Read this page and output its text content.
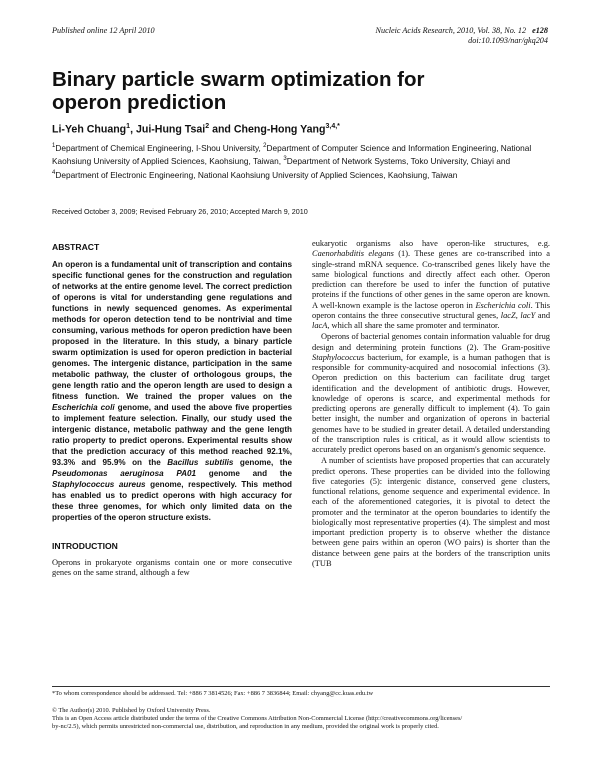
Published online 12 April 2010	Nucleic Acids Research, 2010, Vol. 38, No. 12 e128
doi:10.1093/nar/gkq204
Binary particle swarm optimization for operon prediction
Li-Yeh Chuang$^1$, Jui-Hung Tsai$^2$ and Cheng-Hong Yang$^{3,4,*}$
$^1$Department of Chemical Engineering, I-Shou University, $^2$Department of Computer Science and Information Engineering, National Kaohsiung University of Applied Sciences, Kaohsiung, Taiwan, $^3$Department of Network Systems, Toko University, Chiayi and $^4$Department of Electronic Engineering, National Kaohsiung University of Applied Sciences, Kaohsiung, Taiwan
Received October 3, 2009; Revised February 26, 2010; Accepted March 9, 2010
ABSTRACT

An operon is a fundamental unit of transcription and contains specific functional genes for the construction and regulation of networks at the entire genome level. The correct prediction of operons is vital for understanding gene regulations and functions in newly sequenced genomes. As experimental methods for operon detection tend to be nontrivial and time consuming, various methods for operon prediction have been proposed in the literature. In this study, a binary particle swarm optimization is used for operon prediction in bacterial genomes. The intergenic distance, participation in the same metabolic pathway, the cluster of orthologous groups, the gene length ratio and the operon length are used to design a fitness function. We trained the proper values on the Escherichia coli genome, and used the above five properties to implement feature selection. Finally, our study used the intergenic distance, metabolic pathway and the gene length ratio property to predict operons. Experimental results show that the prediction accuracy of this method reached 92.1%, 93.3% and 95.9% on the Bacillus subtilis genome, the Pseudomonas aeruginosa PA01 genome and the Staphylococcus aureus genome, respectively. This method has enabled us to predict operons with high accuracy for these three genomes, for which only limited data on the properties of the operon structure exists.

INTRODUCTION

Operons in prokaryote organisms contain one or more consecutive genes on the same strand, although a few

eukaryotic organisms also have operon-like structures, e.g. Caenorhabditis elegans (1). These genes are co-transcribed into a single-strand mRNA sequence. Co-transcribed genes likely have the same biological functions and directly affect each other. Operon prediction can therefore be used to infer the function of putative proteins if the functions of other genes in the same operon are known. A well-known example is the lactose operon in Escherichia coli. This operon contains the three consecutive structural genes, lacZ, lacY and lacA, which all share the same promoter and terminator.

Operons of bacterial genomes contain information valuable for drug design and determining protein functions (2). The Gram-positive Staphylococcus bacterium, for example, is a human pathogen that is responsible for community-acquired and nosocomial infections (3). Operon prediction on this bacterium can facilitate drug target identification and the development of antibiotic drugs. However, knowledge of operons is scarce, and experimental methods for predicting operons are generally difficult to implement (4). To gain better insight, the number and organization of operons in bacterial genomes have to be studied in greater detail. A detailed understanding of the transcription rules is critical, as it would allow scientists to accurately predict operons based on an organism's genomic sequence.

A number of scientists have proposed properties that can accurately predict operons. These properties can be divided into the following five categories (5): intergenic distance, conserved gene clusters, functional relations, genome sequence and experimental evidence. In each of the aforementioned categories, it is pivotal to detect the promoter and the terminator at the operon boundaries to identify the biologically most representative properties (4). The simplest and most important prediction property is to observe whether the distance between gene pairs within an operon (WO pairs) is shorter than the distance between gene pairs at the borders of the transcription units (TUB

*To whom correspondence should be addressed. Tel: +886 7 3814526; Fax: +886 7 3836844; Email: chyang@cc.kuas.edu.tw
© The Author(s) 2010. Published by Oxford University Press.
This is an Open Access article distributed under the terms of the Creative Commons Attribution Non-Commercial License (http://creativecommons.org/licenses/
by-nc/2.5), which permits unrestricted non-commercial use, distribution, and reproduction in any medium, provided the original work is properly cited.
